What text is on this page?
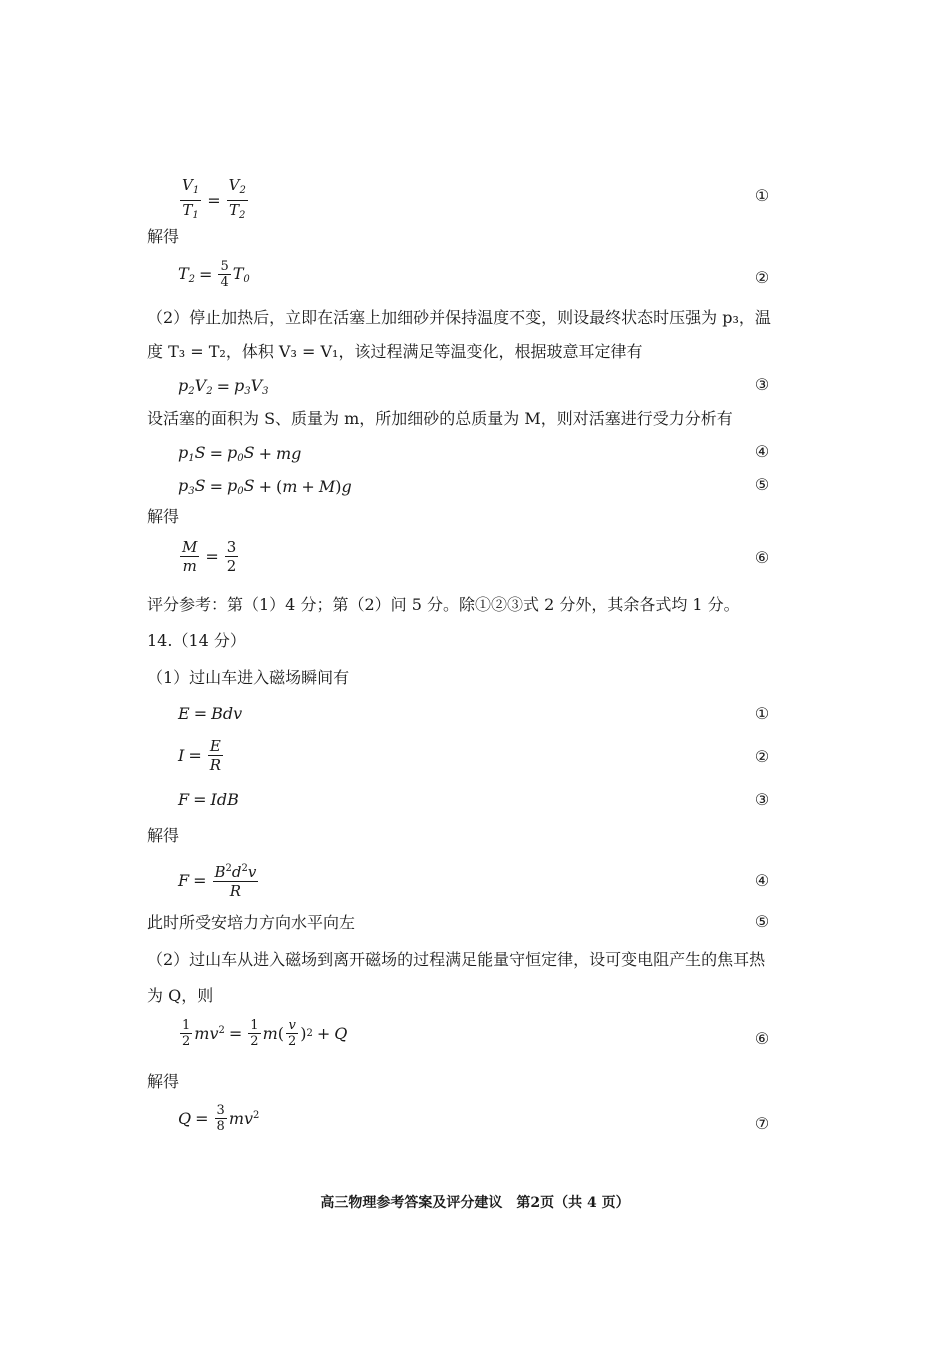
$\frac{V_1}{T_1} = \frac{V_2}{T_2}$	①
解得
$T_2 = \frac{5}{4} T_0$	②
（2）停止加热后，立即在活塞上加细砂并保持温度不变，则设最终状态时压强为 p₃，温
度 T₃ = T₂，体积 V₃ = V₁，该过程满足等温变化，根据玻意耳定律有
$p_2V_2 = p_3V_3$	③
设活塞的面积为 S、质量为 m，所加细砂的总质量为 M，则对活塞进行受力分析有
$p_1S = p_0S$ + mg	④
$p_3S = p_0S$ + ( m + M ) g	⑤
解得
$\frac{M}{m} = \frac{3}{2}$	⑥
评分参考：第（1）4 分；第（2）问 5 分。除①②③式 2 分外，其余各式均 1 分。
14.（14 分）
（1）过山车进入磁场瞬间有
E = Bdv	①
$I = \frac{E}{R}$	②
F = IdB	③
解得
$F = \frac{B^2d^2v}{R}$	④
此时所受安培力方向水平向左	⑤
（2）过山车从进入磁场到离开磁场的过程满足能量守恒定律，设可变电阻产生的焦耳热
为 Q，则
$\frac{1}{2} mv^2 = \frac{1}{2}$ m ( $\frac{v}{2}$ ) 2 + Q	⑥
解得
$Q = \frac{3}{8} mv^2$	⑦
高三物理参考答案及评分建议　第2页（共 4 页）
